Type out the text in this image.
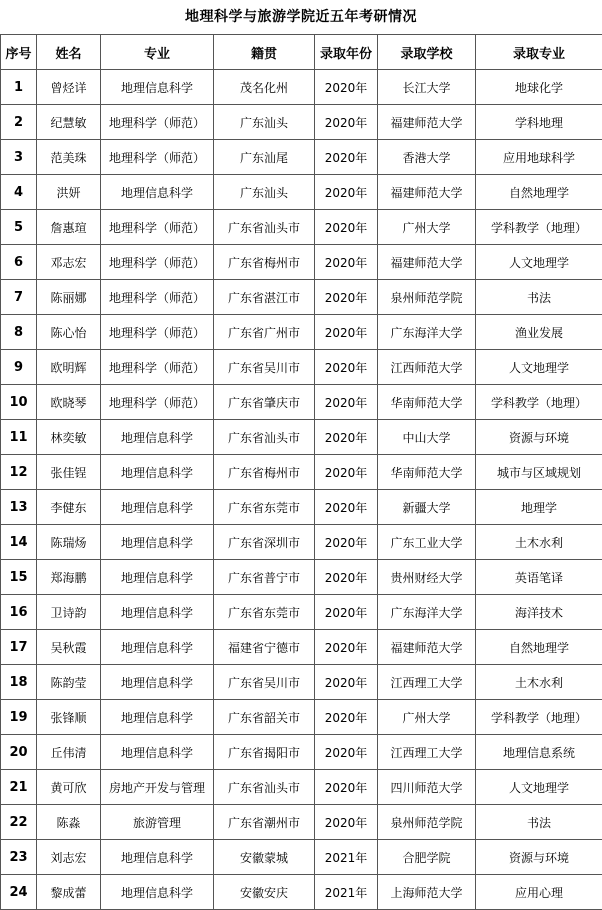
地理科学与旅游学院近五年考研情况
序号	姓名	专业	籍贯	录取年份	录取学校	录取专业
1	曾烃详	地理信息科学	茂名化州	2020年	长江大学	地球化学
2	纪慧敏	地理科学（师范）	广东汕头	2020年	福建师范大学	学科地理
3	范美珠	地理科学（师范）	广东汕尾	2020年	香港大学	应用地球科学
4	洪妍	地理信息科学	广东汕头	2020年	福建师范大学	自然地理学
5	詹惠瑄	地理科学（师范）	广东省汕头市	2020年	广州大学	学科教学（地理）
6	邓志宏	地理科学（师范）	广东省梅州市	2020年	福建师范大学	人文地理学
7	陈丽娜	地理科学（师范）	广东省湛江市	2020年	泉州师范学院	书法
8	陈心怡	地理科学（师范）	广东省广州市	2020年	广东海洋大学	渔业发展
9	欧明辉	地理科学（师范）	广东省吴川市	2020年	江西师范大学	人文地理学
10	欧晓琴	地理科学（师范）	广东省肇庆市	2020年	华南师范大学	学科教学（地理）
11	林奕敏	地理信息科学	广东省汕头市	2020年	中山大学	资源与环境
12	张佳锃	地理信息科学	广东省梅州市	2020年	华南师范大学	城市与区域规划
13	李健东	地理信息科学	广东省东莞市	2020年	新疆大学	地理学
14	陈瑞炀	地理信息科学	广东省深圳市	2020年	广东工业大学	土木水利
15	郑海鹏	地理信息科学	广东省普宁市	2020年	贵州财经大学	英语笔译
16	卫诗韵	地理信息科学	广东省东莞市	2020年	广东海洋大学	海洋技术
17	吴秋霞	地理信息科学	福建省宁德市	2020年	福建师范大学	自然地理学
18	陈韵莹	地理信息科学	广东省吴川市	2020年	江西理工大学	土木水利
19	张锋顺	地理信息科学	广东省韶关市	2020年	广州大学	学科教学（地理）
20	丘伟清	地理信息科学	广东省揭阳市	2020年	江西理工大学	地理信息系统
21	黄可欣	房地产开发与管理	广东省汕头市	2020年	四川师范大学	人文地理学
22	陈淼	旅游管理	广东省潮州市	2020年	泉州师范学院	书法
23	刘志宏	地理信息科学	安徽蒙城	2021年	合肥学院	资源与环境
24	黎成蕾	地理信息科学	安徽安庆	2021年	上海师范大学	应用心理
